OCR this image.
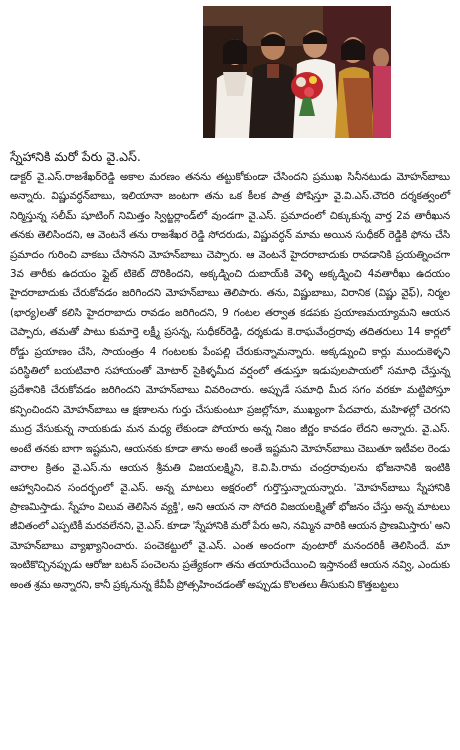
స్నేహానికి మరో పేరు వై.ఎస్.

డాక్టర్ వై.ఎస్.రాజశేఖర్‌రెడ్డి అకాల మరణం తనను తట్టుకోకుండా చేసిందని ప్రముఖ సినీనటుడు మోహన్‌బాబు అన్నారు. విష్ణువర్ధన్‌బాబు, ఇలియానా జంటగా తను ఒక కీలక పాత్ర పోషిస్తూ వై.వి.ఎస్.చౌదరి దర్శకత్వంలో నిర్మిస్తున్న సలీమ్ షూటింగ్ నిమిత్తం స్విట్జర్లాండ్‌లో వుండగా వై.ఎస్. ప్రమాదంలో చిక్కుకున్న వార్త 2వ తారీఖున తనకు తెలిసిందని, ఆ వెంటనే తను రాజశేఖర రెడ్డి సోదరుడు, విష్ణువర్ధన్ మామ అయిన సుధీకర్ రెడ్డికి ఫోను చేసి ప్రమాదం గురించి వాకబు చేసానని మోహన్‌బాబు చెప్పారు. ఆ వెంటనే హైదరాబాదుకు రావడానికి ప్రయత్నించగా 3వ తారీకు ఉదయం ఫ్లైట్ టికెట్ దొరికిందని, అక్కడ్నించి దుబాయ్‌కి వెళ్ళి అక్కడ్నించి 4వతారీఖు ఉదయం హైదరాబాదుకు చేరుకోవడం జరిగిందని మోహన్‌బాబు తెలిపారు. తను, విష్ణుబాబు, విరానిక (విష్ణు వైఫ్), నిర్మల (భార్య)లతో కలిసి హైదరాబాదు రావడం జరిగిందని, 9 గంటల తర్వాత కడపకు ప్రయాణమయ్యామని ఆయన చెప్పారు, తమతో పాటు కుమార్తె లక్ష్మీ ప్రసన్న, సుధీకర్‌రెడ్డి, దర్శకుడు కె.రాఘవేంద్రరావు తదితరులు 14 కార్లలో రోడ్డు ప్రయాణం చేసి, సాయంత్రం 4 గంటలకు పేంపల్లి చేరుకున్నామన్నారు. అక్కడ్నుంచి కార్లు ముందుకెళ్ళని పరిస్థితిలో బయటివారి సహాయంతో మోటార్ సైకిళ్ళమీద వర్షంలో తడుస్తూ ఇడుపులపాయలో సమాధి చేస్తున్న ప్రదేశానికి చేరుకోవడం జరిగిందని మోహన్‌బాబు వివరించారు. అప్పుడే సమాధి మీద సగం వరకూ మట్టిపోస్తూ కన్పించిందని మోహన్‌బాబు ఆ క్షణాలను గుర్తు చేసుకుంటూ ప్రజల్లోనూ, ముఖ్యంగా పేదవారు, మహిళల్లో చెరగని ముద్ర వేసుకున్న నాయకుడు మన మధ్య లేకుండా పోయారు అన్న నిజం జీర్ణం కావడం లేదని అన్నారు. వై.ఎస్. అంటే తనకు బాగా ఇష్టమని, ఆయనకు కూడా తాను అంటే అంతే ఇష్టమని మోహన్‌బాబు చెబుతూ ఇటీవల రెండు వారాల క్రితం వై.ఎస్.ను ఆయన శ్రీమతి విజయలక్ష్మిని, కె.వి.పి.రామ చంద్రరావులను భోజనానికి ఇంటికి ఆహ్వానించిన సందర్భంలో వై.ఎస్. అన్న మాటలు అక్షరంలో గుర్తొస్తున్నాయన్నారు. 'మోహన్‌బాబు స్నేహానికి ప్రాణమిస్తాడు. స్నేహం విలువ తెలిసిన వ్యక్తి', అని ఆయన నా సోదరి విజయలక్ష్మితో భోజనం చేస్తు అన్న మాటలు జీవితంలో ఎప్పటికీ మరవలేనని, వై.ఎస్. కూడా 'స్నేహానికి మరో పేరు అని, నమ్మిన వారికి ఆయన ప్రాణమిస్తారు' అని మోహన్‌బాబు వ్యాఖ్యానించారు. పంచెకట్టులో వై.ఎస్. ఎంత అందంగా వుంటారో మనందరికీ తెలిసిందే. మా ఇంటికొచ్చినప్పుడు ఆరోజు బటన్ పంచెలను ప్రత్యేకంగా తను తయారుచేయించి ఇస్తానంటే ఆయన నవ్వి, ఎందుకు అంత శ్రమ అన్నారని, కానీ ప్రక్కనున్న కేవీపీ ప్రోత్సహించడంతో అప్పుడు కొలతలు తీసుకుని కొత్తబట్టలు
